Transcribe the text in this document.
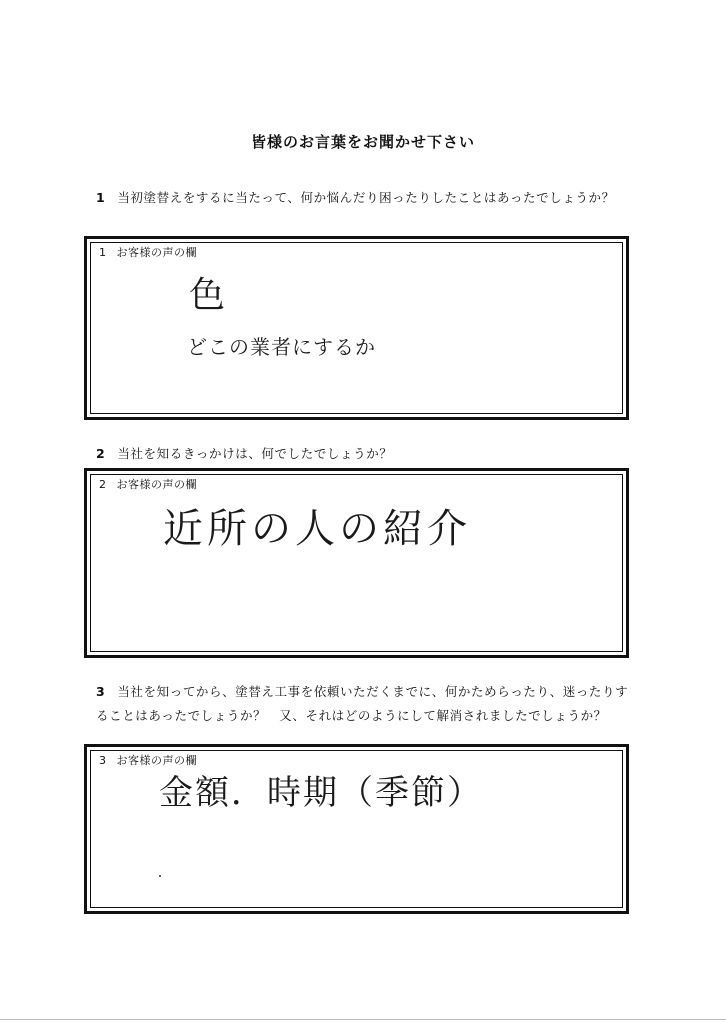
皆様のお言葉をお聞かせ下さい
1 当初塗替えをするに当たって、何か悩んだり困ったりしたことはあったでしょうか？
1 お客様の声の欄
色
どこの業者にするか
2 当社を知るきっかけは、何でしたでしょうか？
2 お客様の声の欄
近所の人の紹介
3 当社を知ってから、塗替え工事を依頼いただくまでに、何かためらったり、迷ったりすることはあったでしょうか？　又、それはどのようにして解消されましたでしょうか？
3 お客様の声の欄
金額．時期（季節）
